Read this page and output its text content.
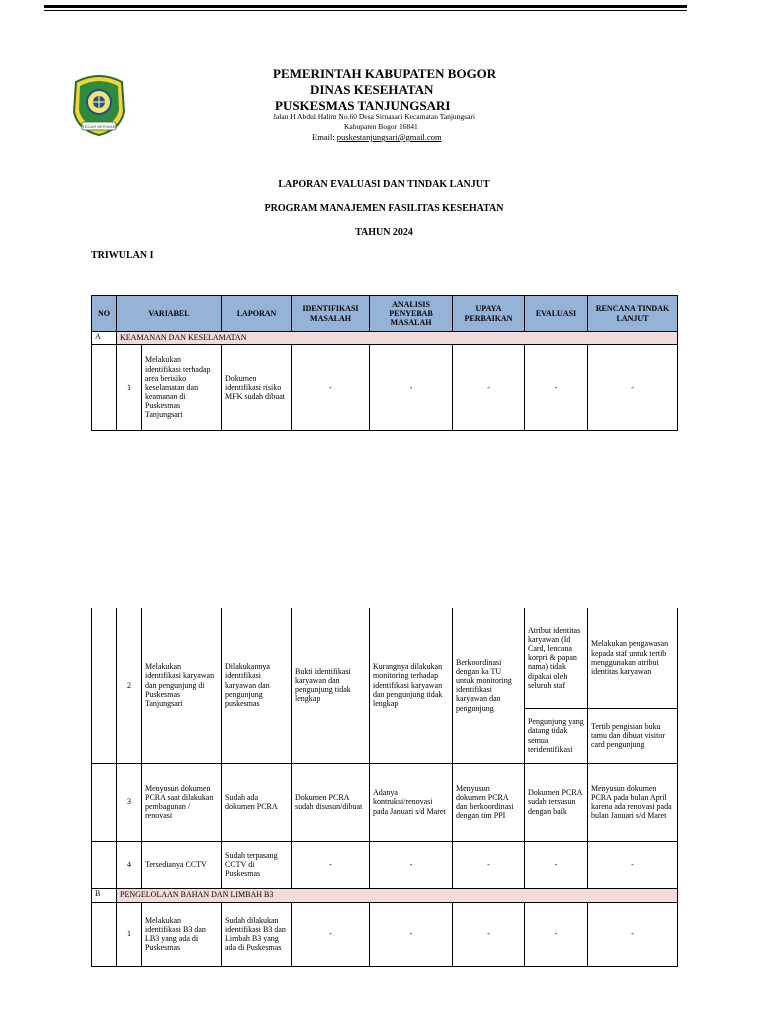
TEGAR BERIMAN
PEMERINTAH KABUPATEN BOGOR
DINAS KESEHATAN
PUSKESMAS TANJUNGSARI
Jalan H Abdul Halim No.60 Desa Sirnasari Kecamatan Tanjungsari
Kabupaten Bogor 16841
Email: puskestanjungsari@gmail.com
LAPORAN EVALUASI DAN TINDAK LANJUT
PROGRAM MANAJEMEN FASILITAS KESEHATAN
TAHUN 2024
TRIWULAN I
NO	VARIABEL		LAPORAN	IDENTIFIKASI MASALAH	ANALISIS PENYEBAB MASALAH	UPAYA PERBAIKAN	EVALUASI	RENCANA TINDAK LANJUT
A	KEAMANAN DAN KESELAMATAN							
	1	Melakukan identifikasi terhadap area berisiko keselamatan dan keamanan di Puskesmas Tanjungsari	Dokumen identifikasi risiko MFK sudah dibuat	-	-	-	-	-
	2	Melakukan identifikasi karyawan dan pengunjung di Puskesmas Tanjungsari	Dilakukannya identifikasi karyawan dan pengunjung puskesmas	Bukti identifikasi karyawan dan pengunjung tidak lengkap	Kurangnya dilakukan monitoring terhadap identifikasi karyawan dan pengunjung tidak lengkap	Berkoordinasi dengan ka TU untuk monitoring identifikasi karyawan dan pengunjung	Atribut identitas karyawan (Id Card, lencana korpri & papan nama) tidak dipakai oleh seluruh staf	Melakukan pengawasan kepada staf untuk tertib menggunakan atribut identitas karyawan
							Pengunjung yang datang tidak semua teridentifikasi	Tertib pengisian buku tamu dan dibuat visitor card pengunjung
	3	Menyusun dokumen PCRA saat dilakukan pembagunan / renovasi	Sudah ada dokumen PCRA	Dokumen PCRA sudah disusun/dibuat	Adanya kontruksi/renovasi pada Januari s/d Maret	Menyusun dokumen PCRA dan berkoordinasi dengan tim PPI	Dokumen PCRA sudah tersusun dengan baik	Menyusun dokumen PCRA pada bulan April karena ada renovasi pada bulan Januari s/d Maret
	4	Tersedianya CCTV	Sudah terpasang CCTV di Puskesmas	-	-	-	-	-
B	PENGELOLAAN BAHAN DAN LIMBAH B3							
	1	Melakukan identifikasi B3 dan LB3 yang ada di Puskesmas	Sudah dilakukan identifikasi B3 dan Limbah B3 yang ada di Puskesmas	-	-	-	-	-
